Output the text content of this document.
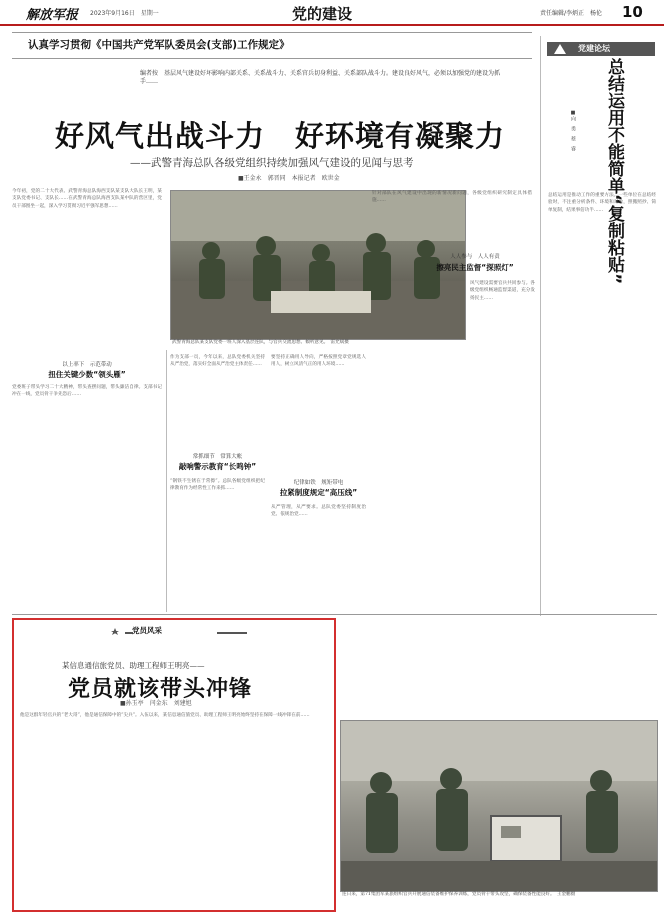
解放军报 2023年9月16日　星期一	党的建设	责任编辑/李炳正　杨伦 10
认真学习贯彻《中国共产党军队委员会(支部)工作规定》
编者按　基层风气建设好坏影响内部关系、关系战斗力、关系官兵切身利益、关系部队战斗力。建设良好风气，必须以加强党的建设为抓手……
好风气出战斗力　好环境有凝聚力
——武警青海总队各级党组织持续加强风气建设的见闻与思考
■王金永　郭晋同　本报记者　欧世金
今年初，党的二十大代表、武警青海总队海西支队某支队大队长王明，某支队党委书记、支队长……在武警青海总队海西支队某中队的营区里，党员干部围坐一起，深入学习贯彻习近平强军思想……
以上率下　示范带动
扭住关键少数“领头雁”
党委班子带头学习二十大精神，带头查摆问题，带头廉洁自律。支部书记冲在一线，党员骨干争先恐后……
武警青海总队某支队党委一班人深入基层连队，与官兵交流思想、倾听意见。　雷允斌摄
作为支部一员，今年以来，总队党委机关坚持从严治党，落实好全面从严治党主体责任……
常抓细节　常算大帐
敲响警示教育“长鸣钟”
“钢铁不生锈在于常擦”。总队各级党组织把纪律教育作为经常性工作来抓……
要坚持正确用人导向，严格按照党章党规选人用人，树立风清气正的用人环境……
纪律如铁　规矩带电
拉紧制度规定“高压线”
从严管理，从严要求。总队党委坚持制度治党、依规治党……
针对部队在风气建设中出现的新情况新问题，各级党组织研究制定具体措施……
人人参与　人人有责
擦亮民主监督“探照灯”
风气建设需要官兵共同参与。各级党组织畅通监督渠道，充分发扬民主……
党建论坛
总结运用不能简单“复制粘贴”
■向　勇　蔡　睿
总结运用是推动工作的重要方法。一些单位在总结经验时，不注重分析条件、环境和对象，照搬照抄、简单复制，结果事倍功半……
党员风采
某信息通信旅党员、助理工程师王明亮——
党员就该带头冲锋
■孙玉亭　闫金东　刘建旭
他是这群年轻官兵的“老大哥”，他是通信保障中的“尖兵”。入伍以来，某信息通信旅党员、助理工程师王明亮始终坚持在保障一线冲锋在前……
连日来，第71集团军某旅组织官兵开展通信装备维护保养训练，党员骨干带头攻坚，确保装备性能良好。　王金鹏摄
